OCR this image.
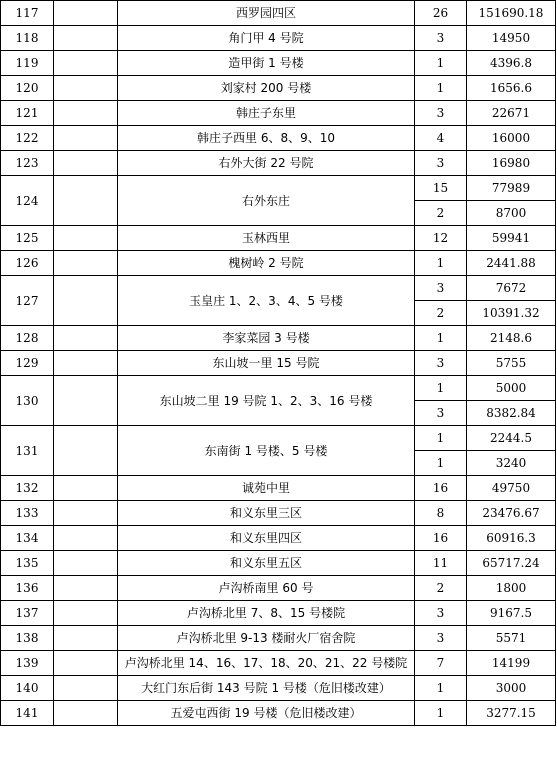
117		西罗园四区	26	151690.18
118		角门甲 4 号院	3	14950
119		造甲街 1 号楼	1	4396.8
120		刘家村 200 号楼	1	1656.6
121		韩庄子东里	3	22671
122		韩庄子西里 6、8、9、10	4	16000
123		右外大街 22 号院	3	16980
124		右外东庄	15	77989
			2	8700
125		玉林西里	12	59941
126		槐树岭 2 号院	1	2441.88
127		玉皇庄 1、2、3、4、5 号楼	3	7672
			2	10391.32
128		李家菜园 3 号楼	1	2148.6
129		东山坡一里 15 号院	3	5755
130		东山坡二里 19 号院 1、2、3、16 号楼	1	5000
			3	8382.84
131		东南街 1 号楼、5 号楼	1	2244.5
			1	3240
132		诚苑中里	16	49750
133		和义东里三区	8	23476.67
134		和义东里四区	16	60916.3
135		和义东里五区	11	65717.24
136		卢沟桥南里 60 号	2	1800
137		卢沟桥北里 7、8、15 号楼院	3	9167.5
138		卢沟桥北里 9-13 楼耐火厂宿舍院	3	5571
139		卢沟桥北里 14、16、17、18、20、21、22 号楼院	7	14199
140		大红门东后街 143 号院 1 号楼（危旧楼改建）	1	3000
141		五爱屯西街 19 号楼（危旧楼改建）	1	3277.15
